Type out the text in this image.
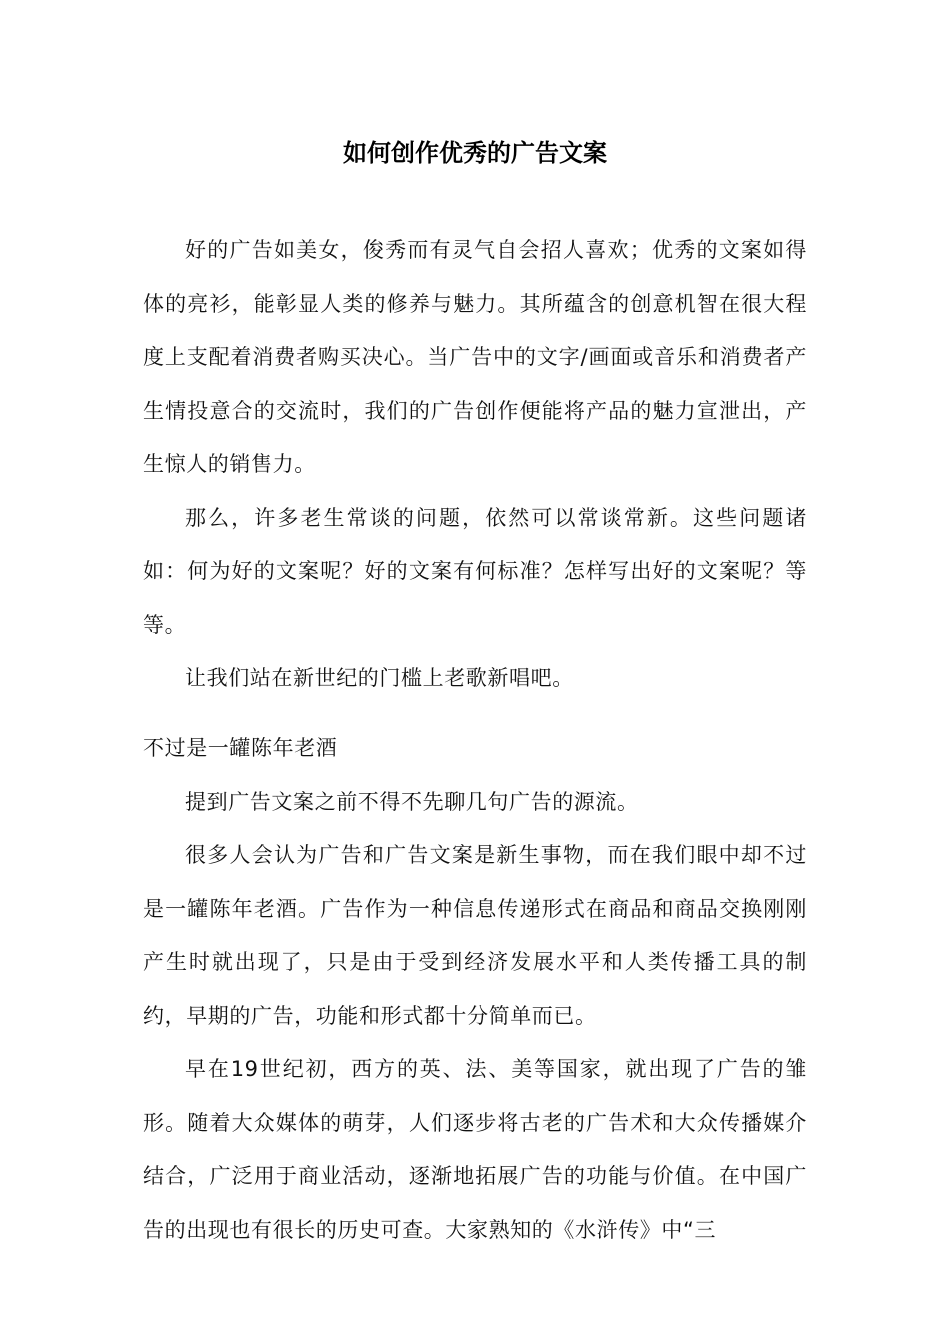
如何创作优秀的广告文案

好的广告如美女，俊秀而有灵气自会招人喜欢；优秀的文案如得体的亮衫，能彰显人类的修养与魅力。其所蕴含的创意机智在很大程度上支配着消费者购买决心。当广告中的文字/画面或音乐和消费者产生情投意合的交流时，我们的广告创作便能将产品的魅力宣泄出，产生惊人的销售力。

那么，许多老生常谈的问题，依然可以常谈常新。这些问题诸如：何为好的文案呢？好的文案有何标准？怎样写出好的文案呢？等等。

让我们站在新世纪的门槛上老歌新唱吧。

不过是一罐陈年老酒

提到广告文案之前不得不先聊几句广告的源流。

很多人会认为广告和广告文案是新生事物，而在我们眼中却不过是一罐陈年老酒。广告作为一种信息传递形式在商品和商品交换刚刚产生时就出现了，只是由于受到经济发展水平和人类传播工具的制约，早期的广告，功能和形式都十分简单而已。

早在19世纪初，西方的英、法、美等国家，就出现了广告的雏形。随着大众媒体的萌芽，人们逐步将古老的广告术和大众传播媒介结合，广泛用于商业活动，逐渐地拓展广告的功能与价值。在中国广告的出现也有很长的历史可查。大家熟知的《水浒传》中“三
